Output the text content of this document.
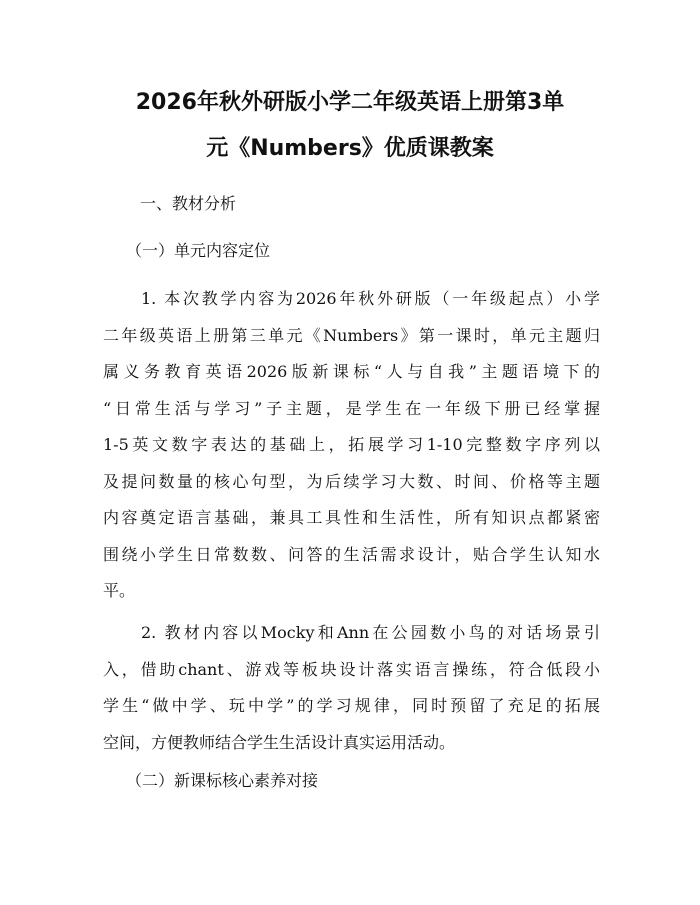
2026年秋外研版小学二年级英语上册第3单
元《Numbers》优质课教案
一、教材分析
（一）单元内容定位
1. 本次教学内容为2026年秋外研版（一年级起点）小学
二年级英语上册第三单元《Numbers》第一课时，单元主题归
属义务教育英语2026版新课标“人与自我”主题语境下的
“日常生活与学习”子主题，是学生在一年级下册已经掌握
1-5英文数字表达的基础上，拓展学习1-10完整数字序列以
及提问数量的核心句型，为后续学习大数、时间、价格等主题
内容奠定语言基础，兼具工具性和生活性，所有知识点都紧密
围绕小学生日常数数、问答的生活需求设计，贴合学生认知水
平。
2. 教材内容以Mocky和Ann在公园数小鸟的对话场景引
入，借助chant、游戏等板块设计落实语言操练，符合低段小
学生“做中学、玩中学”的学习规律，同时预留了充足的拓展
空间，方便教师结合学生生活设计真实运用活动。
（二）新课标核心素养对接
